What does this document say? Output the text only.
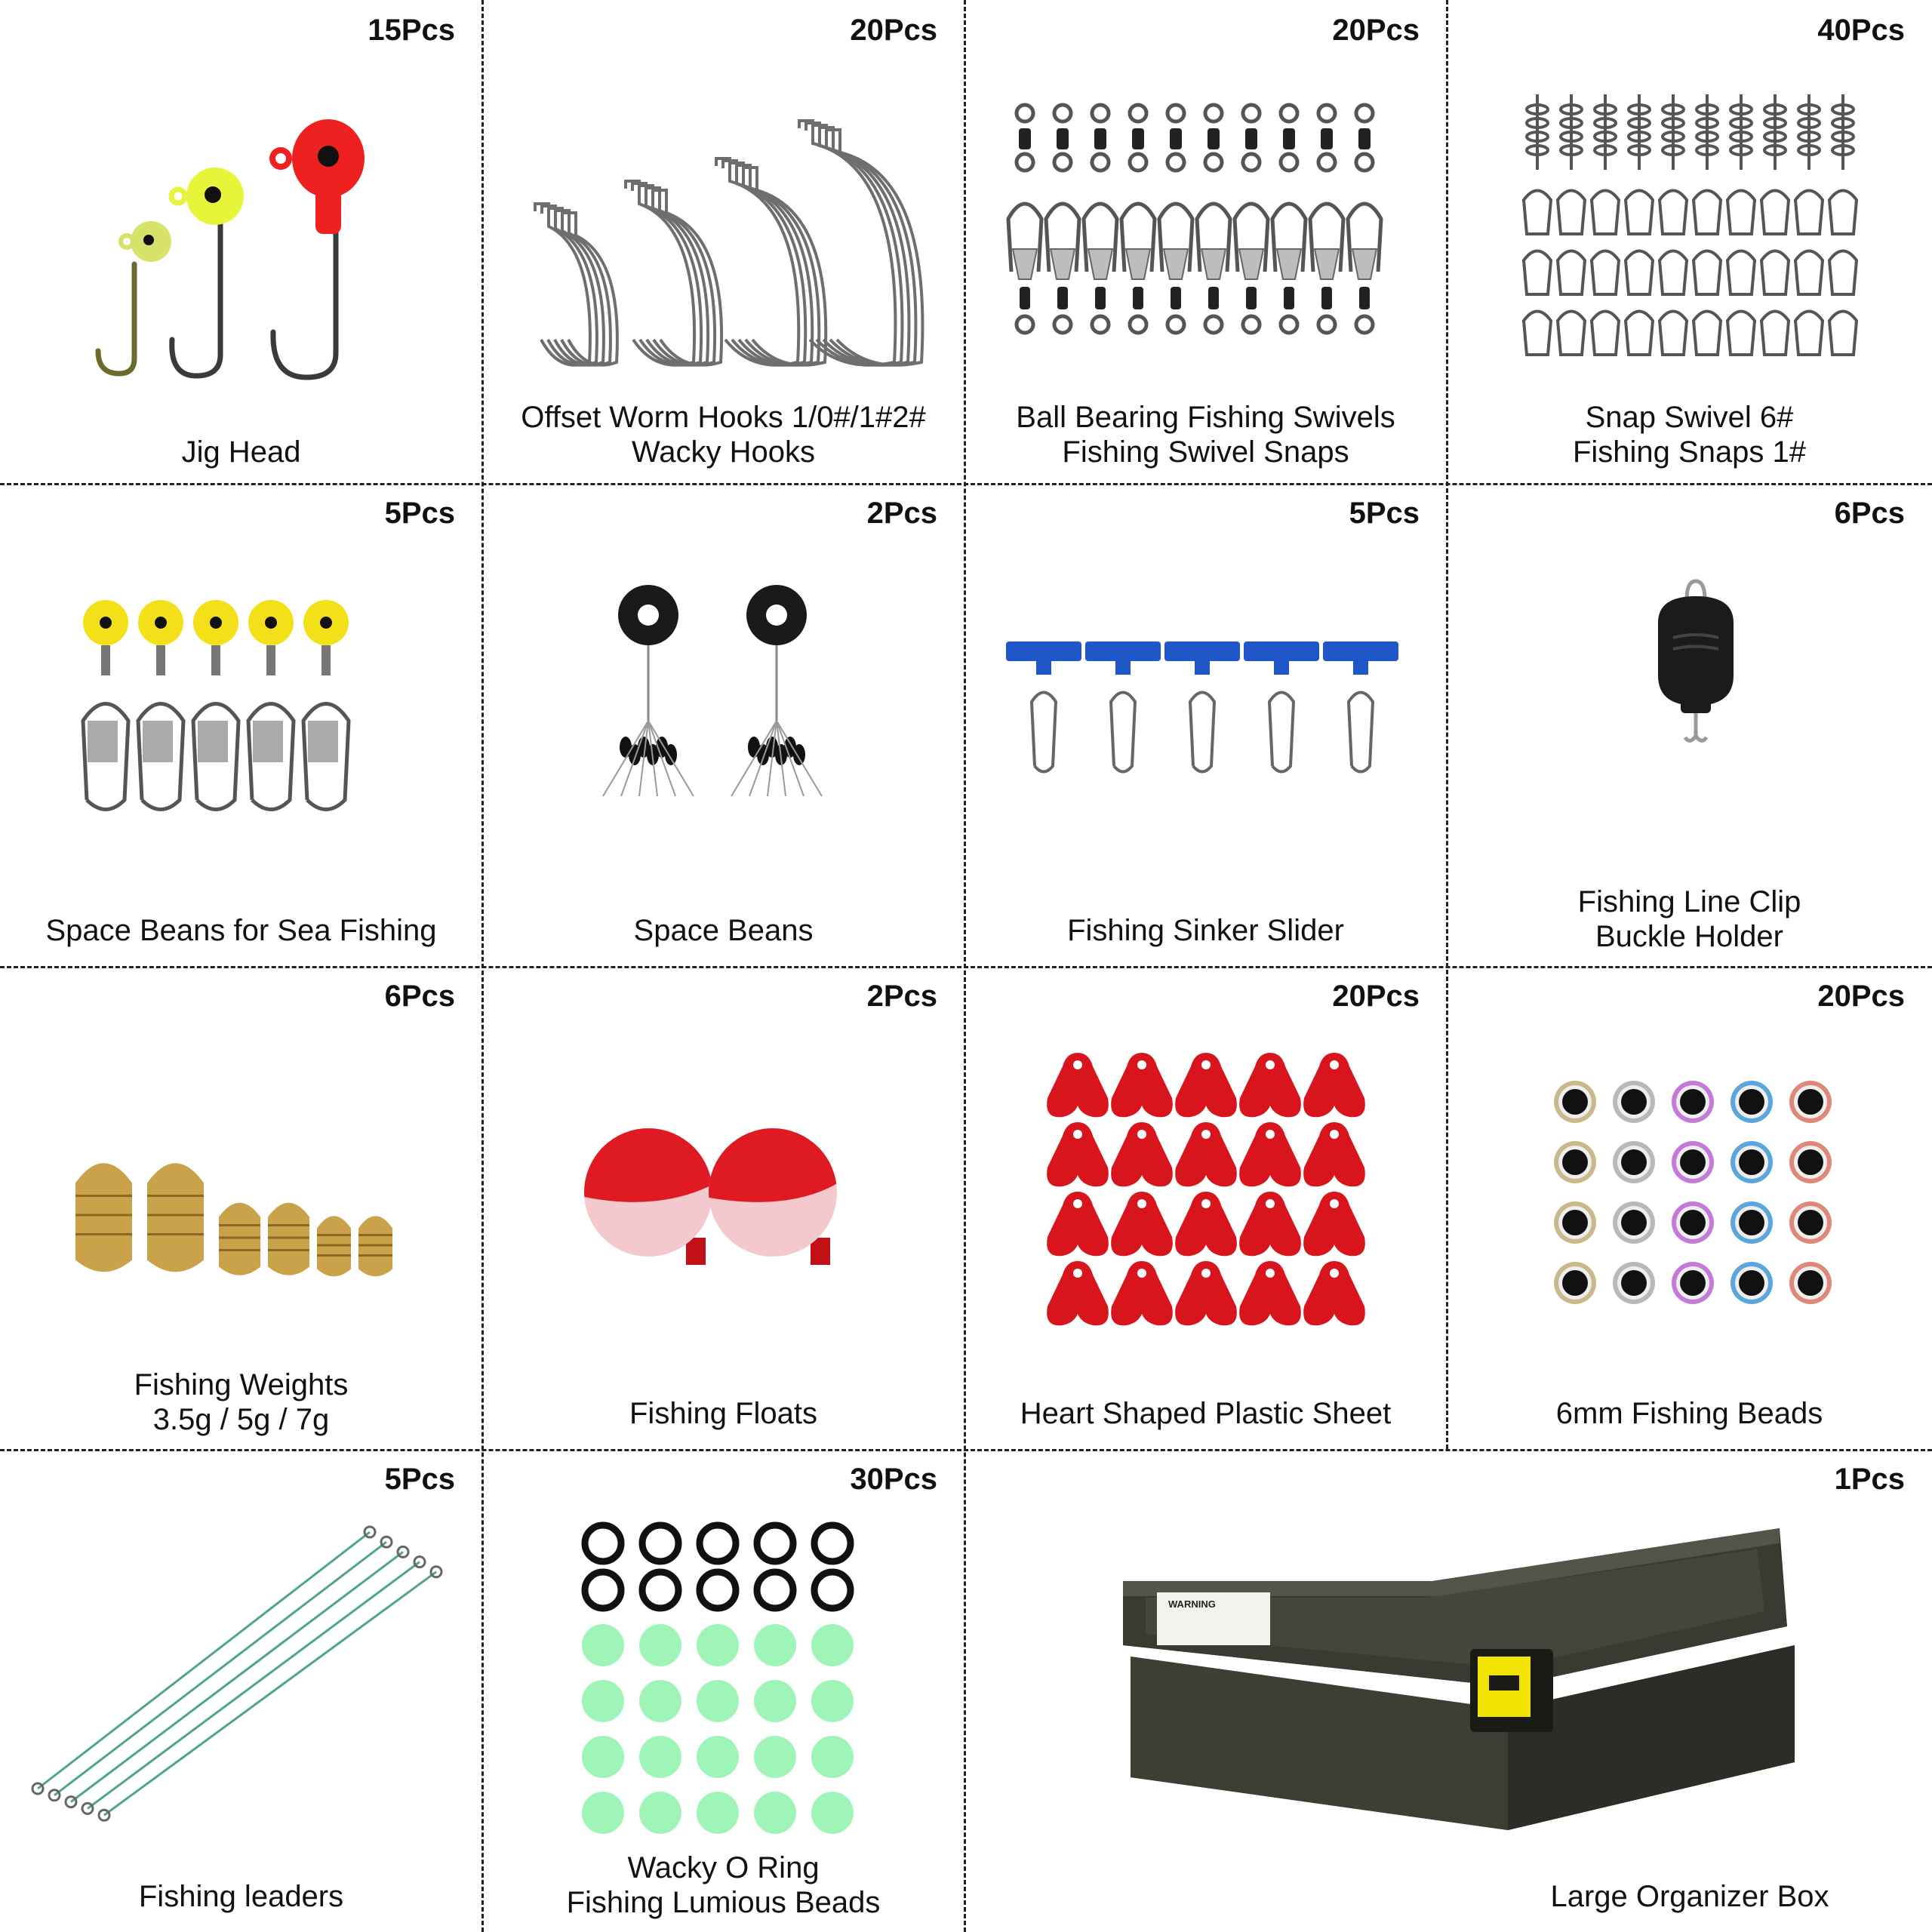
15Pcs
Jig Head
20Pcs
Offset Worm Hooks 1/0#/1#2#
Wacky Hooks
20Pcs
Ball Bearing Fishing Swivels
Fishing Swivel Snaps
40Pcs
Snap Swivel 6#
Fishing Snaps 1#
5Pcs
Space Beans for Sea Fishing
2Pcs
Space Beans
5Pcs
Fishing Sinker Slider
6Pcs
Fishing Line Clip
Buckle Holder
6Pcs
Fishing Weights
3.5g / 5g / 7g
2Pcs
Fishing Floats
20Pcs
Heart Shaped Plastic Sheet
20Pcs
6mm Fishing Beads
5Pcs
Fishing leaders
30Pcs
Wacky O Ring
Fishing Lumious Beads
1Pcs
WARNING
Large Organizer Box
